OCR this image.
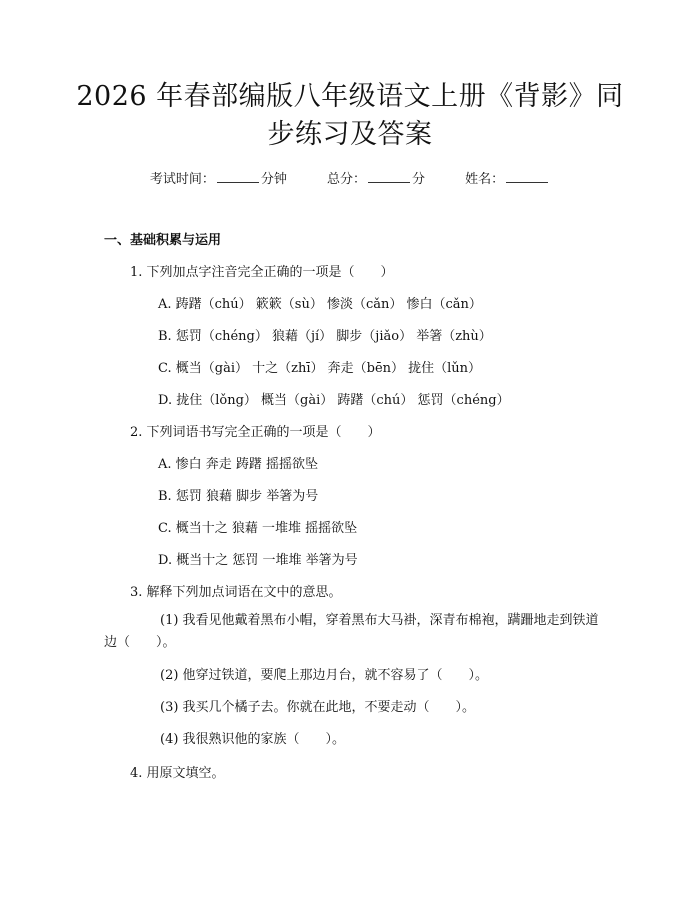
2026 年春部编版八年级语文上册《背影》同
步练习及答案
考试时间：	分钟	总分：	分	姓名：
一、基础积累与运用
1. 下列加点字注音完全正确的一项是（　　）
A. 踌躇（chú） 簌簌（sù） 惨淡（cǎn） 惨白（cǎn）
B. 惩罚（chéng） 狼藉（jí） 脚步（jiǎo） 举箸（zhù）
C. 概当（gài） 十之（zhī） 奔走（bēn） 拢住（lǔn）
D. 拢住（lǒng） 概当（gài） 踌躇（chú） 惩罚（chéng）
2. 下列词语书写完全正确的一项是（　　）
A. 惨白 奔走 踌躇 摇摇欲坠
B. 惩罚 狼藉 脚步 举箸为号
C. 概当十之 狼藉 一堆堆 摇摇欲坠
D. 概当十之 惩罚 一堆堆 举箸为号
3. 解释下列加点词语在文中的意思。
(1) 我看见他戴着黑布小帽，穿着黑布大马褂，深青布棉袍，蹒跚地走到铁道边（　　）。
(2) 他穿过铁道，要爬上那边月台，就不容易了（　　）。
(3) 我买几个橘子去。你就在此地，不要走动（　　）。
(4) 我很熟识他的家族（　　）。
4. 用原文填空。
